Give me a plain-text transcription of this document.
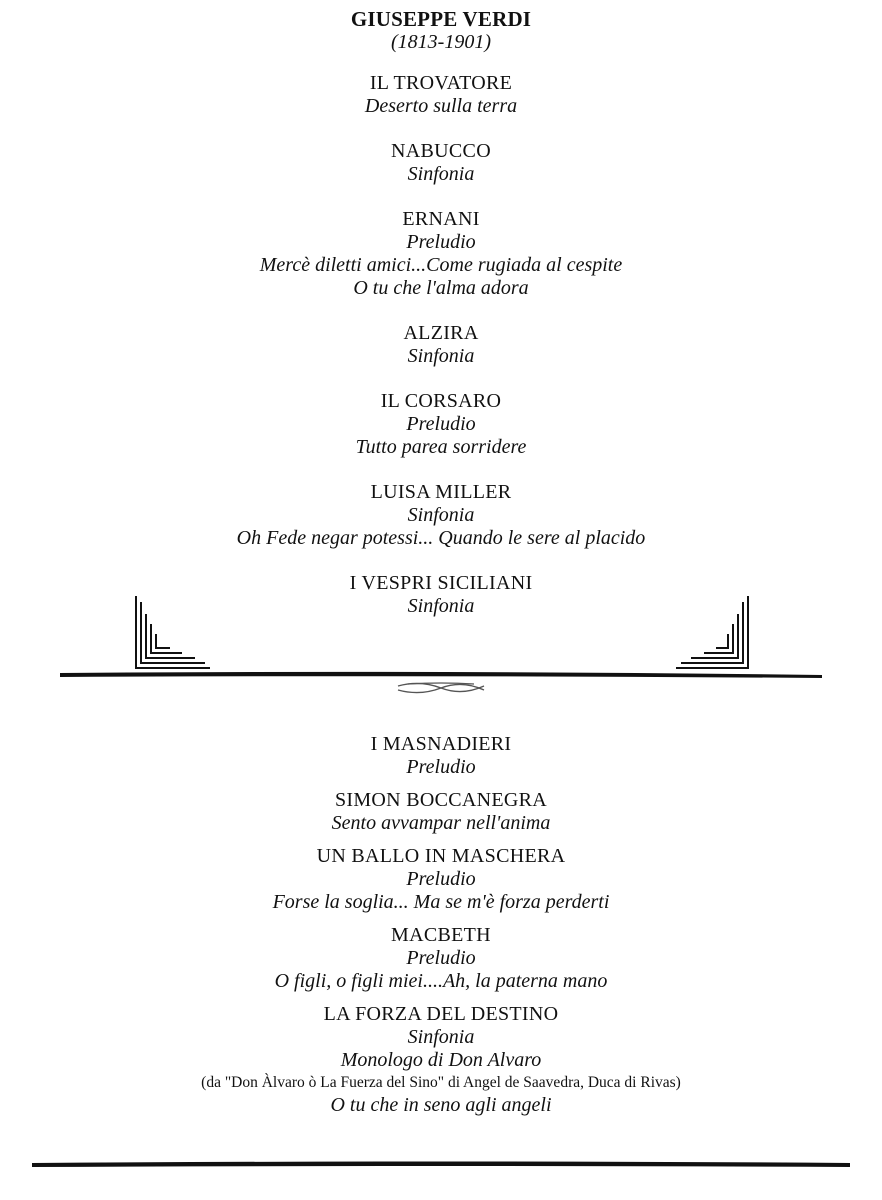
GIUSEPPE VERDI
(1813-1901)
IL TROVATORE
Deserto sulla terra
NABUCCO
Sinfonia
ERNANI
Preludio
Mercè diletti amici...Come rugiada al cespite
O tu che l'alma adora
ALZIRA
Sinfonia
IL CORSARO
Preludio
Tutto parea sorridere
LUISA MILLER
Sinfonia
Oh Fede negar potessi... Quando le sere al placido
I VESPRI SICILIANI
Sinfonia
I MASNADIERI
Preludio
SIMON BOCCANEGRA
Sento avvampar nell'anima
UN BALLO IN MASCHERA
Preludio
Forse la soglia... Ma se m'è forza perderti
MACBETH
Preludio
O figli, o figli miei....Ah, la paterna mano
LA FORZA DEL DESTINO
Sinfonia
Monologo di Don Alvaro
(da "Don Àlvaro ò La Fuerza del Sino" di Angel de Saavedra, Duca di Rivas)
O tu che in seno agli angeli
